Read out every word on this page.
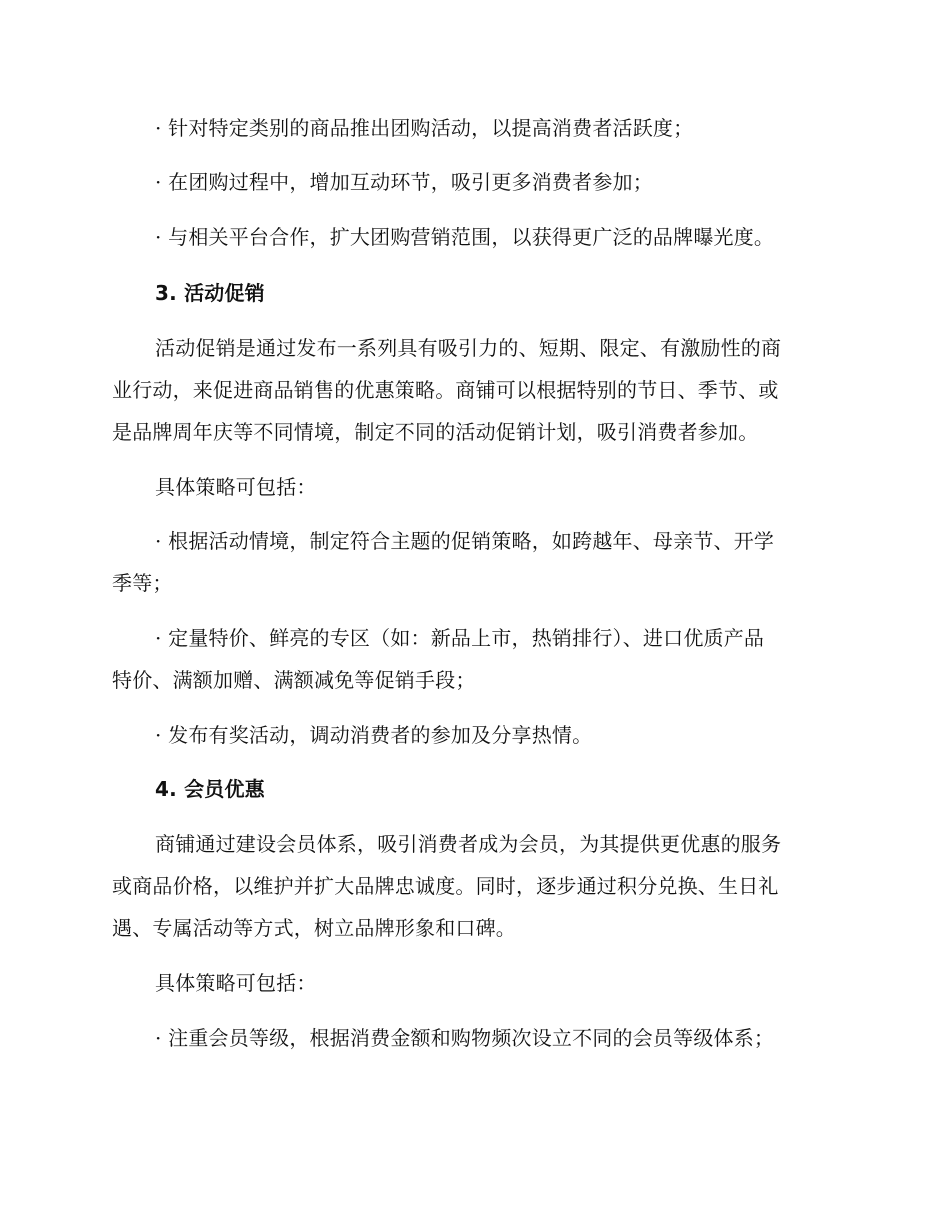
· 针对特定类别的商品推出团购活动，以提高消费者活跃度；
· 在团购过程中，增加互动环节，吸引更多消费者参加；
· 与相关平台合作，扩大团购营销范围，以获得更广泛的品牌曝光度。
3. 活动促销
活动促销是通过发布一系列具有吸引力的、短期、限定、有激励性的商
业行动，来促进商品销售的优惠策略。商铺可以根据特别的节日、季节、或
是品牌周年庆等不同情境，制定不同的活动促销计划，吸引消费者参加。
具体策略可包括：
· 根据活动情境，制定符合主题的促销策略，如跨越年、母亲节、开学
季等；
· 定量特价、鲜亮的专区（如：新品上市，热销排行）、进口优质产品
特价、满额加赠、满额减免等促销手段；
· 发布有奖活动，调动消费者的参加及分享热情。
4. 会员优惠
商铺通过建设会员体系，吸引消费者成为会员，为其提供更优惠的服务
或商品价格，以维护并扩大品牌忠诚度。同时，逐步通过积分兑换、生日礼
遇、专属活动等方式，树立品牌形象和口碑。
具体策略可包括：
· 注重会员等级，根据消费金额和购物频次设立不同的会员等级体系；
